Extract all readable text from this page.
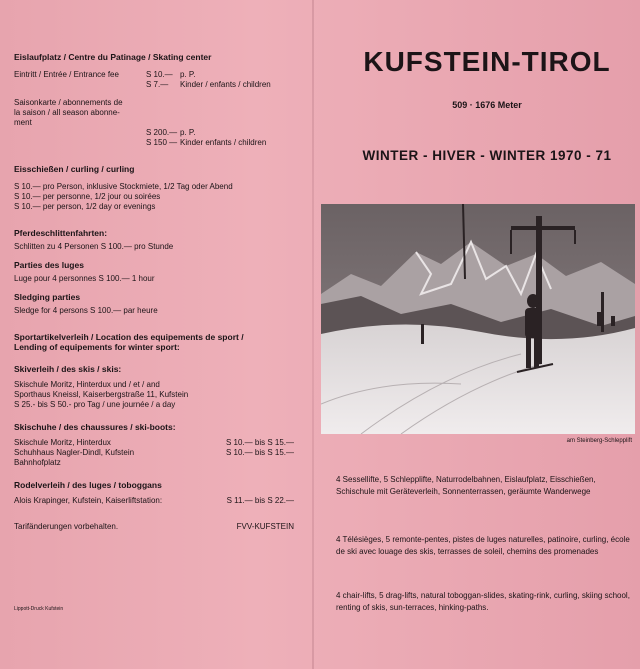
Eislaufplatz / Centre du Patinage / Skating center

Eintritt / Entrée / Entrance fee	S 10.— p. P.
S 7.—	Kinder / enfants / children

Saisonkarte / abonnements de

la saison / all season abonne-

ment

S 200.— p. P.
S 150 — Kinder enfants / children

Eisschießen / curling / curling

S 10.— pro Person, inklusive Stockmiete, 1/2 Tag oder Abend

S 10.— per personne, 1/2 jour ou soirées

S 10.— per person, 1/2 day or evenings

Pferdeschlittenfahrten:

Schlitten zu 4 Personen S 100.— pro Stunde

Parties des luges

Luge pour 4 personnes S 100.— 1 hour

Sledging parties

Sledge for 4 persons S 100.— par heure

Sportartikelverleih / Location des equipements de sport /

Lending of equipements for winter sport:

Skiverleih / des skis / skis:

Skischule Moritz, Hinterdux und / et / and

Sporthaus Kneissl, Kaiserbergstraße 11, Kufstein

S 25.- bis S 50.- pro Tag / une journée / a day

Skischuhe / des chaussures / ski-boots:

Skischule Moritz, Hinterdux	S 10.— bis S 15.—
Schuhhaus Nagler-Dindl, Kufstein	S 10.— bis S 15.—
Bahnhofplatz

Rodelverleih / des luges / toboggans

Alois Krapinger, Kufstein, Kaiserliftstation:	S 11.— bis S 22.—
Tarifänderungen vorbehalten.	FVV-KUFSTEIN
Lippott-Druck Kufstein
KUFSTEIN-TIROL
509 · 1676 Meter
WINTER - HIVER - WINTER 1970 - 71
am Steinberg-Schlepplift

4 Sessellifte, 5 Schlepplifte, Naturrodelbahnen, Eislaufplatz, Eisschießen, Schischule mit Geräteverleih, Sonnenterrassen, geräumte Wanderwege

4 Télésièges, 5 remonte-pentes, pistes de luges naturelles, patinoire, curling, école de ski avec louage des skis, terrasses de soleil, chemins des promenades

4 chair-lifts, 5 drag-lifts, natural toboggan-slides, skating-rink, curling, skiing school, renting of skis, sun-terraces, hinking-paths.
